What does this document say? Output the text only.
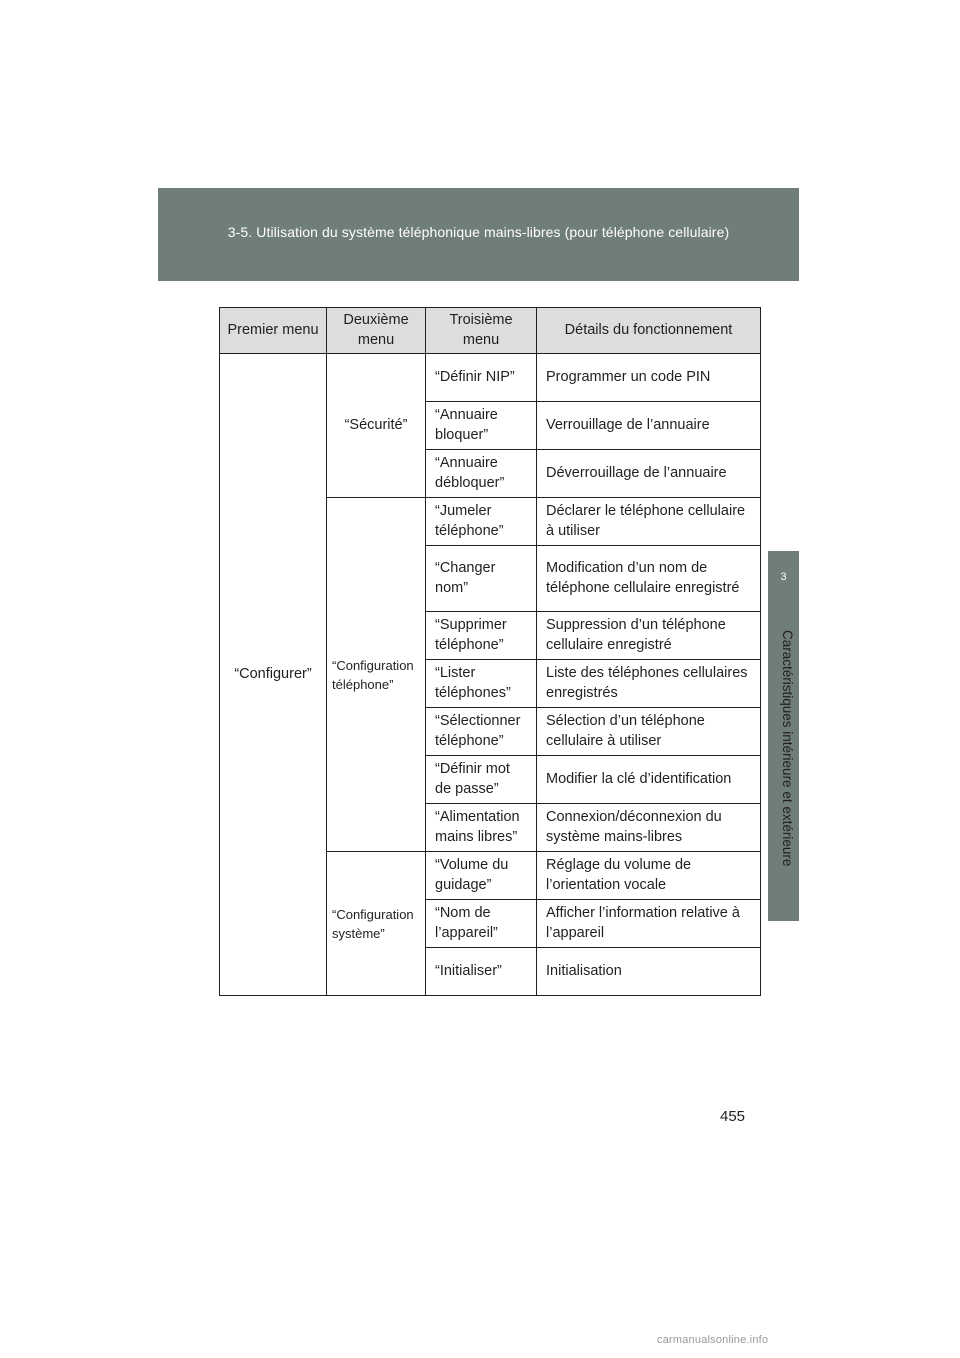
3-5. Utilisation du système téléphonique mains-libres (pour téléphone cellulaire)
3
Caractéristiques intérieure et extérieure
Premier menu	Deuxième menu	Troisième menu	Détails du fonctionnement
“Configurer”	“Sécurité”	“Définir NIP”	Programmer un code PIN
		“Annuaire bloquer”	Verrouillage de l’annuaire
		“Annuaire débloquer”	Déverrouillage de l’annuaire
	“Configuration téléphone”	“Jumeler téléphone”	Déclarer le téléphone cellulaire à utiliser
		“Changer nom”	Modification d’un nom de téléphone cellulaire enregistré
		“Supprimer téléphone”	Suppression d’un téléphone cellulaire enregistré
		“Lister téléphones”	Liste des téléphones cellulaires enregistrés
		“Sélectionner téléphone”	Sélection d’un téléphone cellulaire à utiliser
		“Définir mot de passe”	Modifier la clé d’identification
		“Alimentation mains libres”	Connexion/déconnexion du système mains-libres
	“Configuration système”	“Volume du guidage”	Réglage du volume de l’orientation vocale
		“Nom de l’appareil”	Afficher l’information relative à l’appareil
		“Initialiser”	Initialisation
455
carmanualsonline.info
